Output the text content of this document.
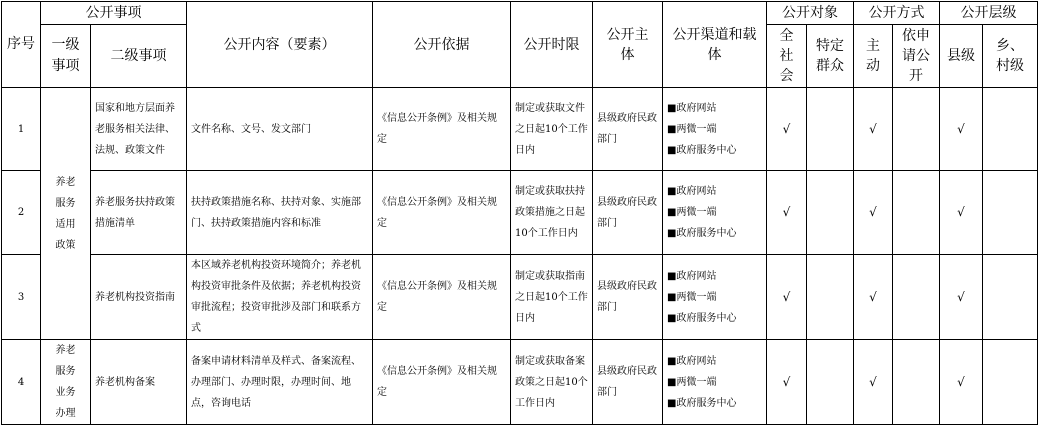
序号	公开事项		公开内容（要素）	公开依据	公开时限	公开主体	公开渠道和载体	公开对象		公开方式		公开层级	
	一级事项	二级事项						全社会	特定群众	主动	依申请公开	县级	乡、村级
1	养老服务适用政策	国家和地方层面养老服务相关法律、法规、政策文件	文件名称、文号、发文部门	《信息公开条例》及相关规定	制定或获取文件之日起10个工作日内	县级政府民政部门	■政府网站
■两微一端
■政府服务中心	√		√		√	
2		养老服务扶持政策措施清单	扶持政策措施名称、扶持对象、实施部门、扶持政策措施内容和标准	《信息公开条例》及相关规定	制定或获取扶持政策措施之日起10个工作日内	县级政府民政部门	■政府网站
■两微一端
■政府服务中心	√		√		√	
3		养老机构投资指南	本区域养老机构投资环境简介；养老机构投资审批条件及依据；养老机构投资审批流程；投资审批涉及部门和联系方式	《信息公开条例》及相关规定	制定或获取指南之日起10个工作日内	县级政府民政部门	■政府网站
■两微一端
■政府服务中心	√		√		√	
4	养老服务业务办理	养老机构备案	备案申请材料清单及样式、备案流程、办理部门、办理时限，办理时间、地点，咨询电话	《信息公开条例》及相关规定	制定或获取备案政策之日起10个工作日内	县级政府民政部门	■政府网站
■两微一端
■政府服务中心	√		√		√	
